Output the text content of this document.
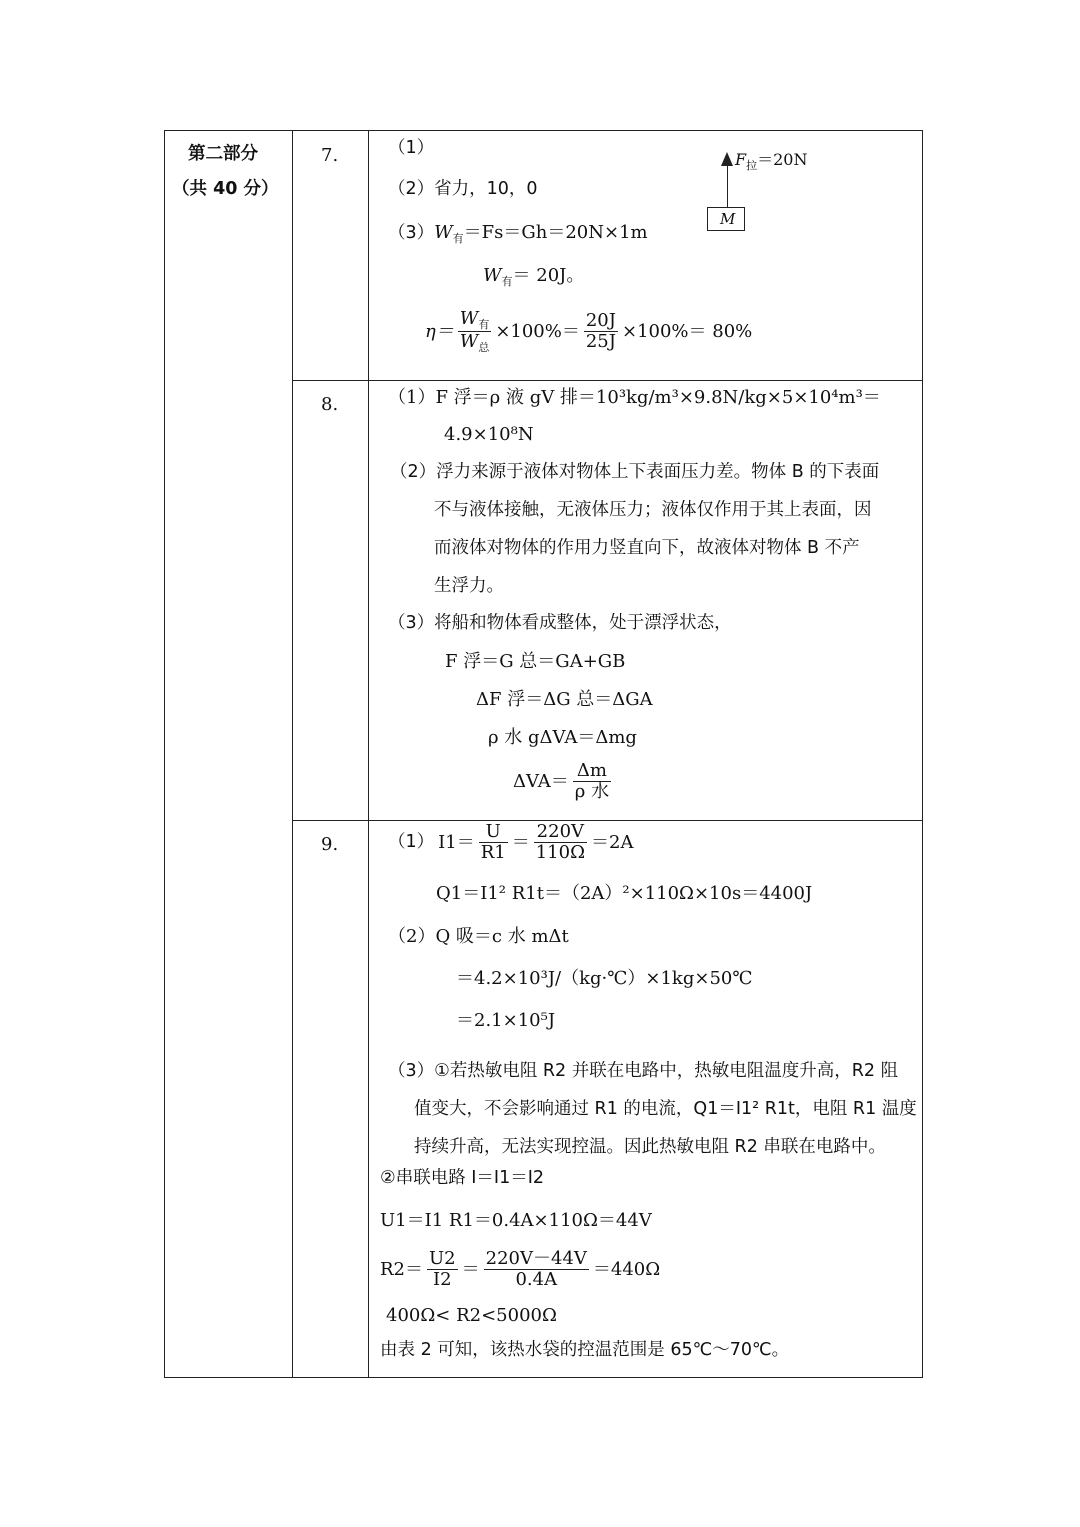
第二部分
（共 40 分）
7.	（1）
$F_拉=20N$
M
（2）省力，10，0
$(3)W_有=Fs=Gh=20N\times 1m$
$W_有= 20J$。
$\eta= \frac{W_有}{W_总} \times 100\%= \frac{20J}{25J} \times 100\%= 80\%$
8.	（1）F 浮＝ρ 液 gV 排＝10³kg/m³×9.8N/kg×5×10⁴m³＝
4.9×10⁸N
（2）浮力来源于液体对物体上下表面压力差。物体 B 的下表面
不与液体接触，无液体压力；液体仅作用于其上表面，因
而液体对物体的作用力竖直向下，故液体对物体 B 不产
生浮力。
（3）将船和物体看成整体，处于漂浮状态，
F 浮＝G 总＝GA+GB
ΔF 浮＝ΔG 总＝ΔGA
ρ 水 gΔVA＝Δmg
$\Delta VA= \frac{\Delta m}{\text{ρ 水}}$
9.	（1） $I1= \frac{U}{R1} = \frac{220V}{110\Omega} =2A$
Q1＝I1² R1t＝（2A）²×110Ω×10s＝4400J
（2）Q 吸＝c 水 mΔt
＝4.2×10³J/（kg·℃）×1kg×50℃
＝2.1×10⁵J
（3）①若热敏电阻 R2 并联在电路中，热敏电阻温度升高，R2 阻
值变大，不会影响通过 R1 的电流，Q1＝I1² R1t，电阻 R1 温度
持续升高，无法实现控温。因此热敏电阻 R2 串联在电路中。
②串联电路 I＝I1＝I2
U1＝I1 R1＝0.4A×110Ω＝44V
$R2= \frac{U2}{I2} = \frac{220V-44V}{0.4A} =440\Omega$
400Ω< R2<5000Ω
由表 2 可知，该热水袋的控温范围是 65℃～70℃。
